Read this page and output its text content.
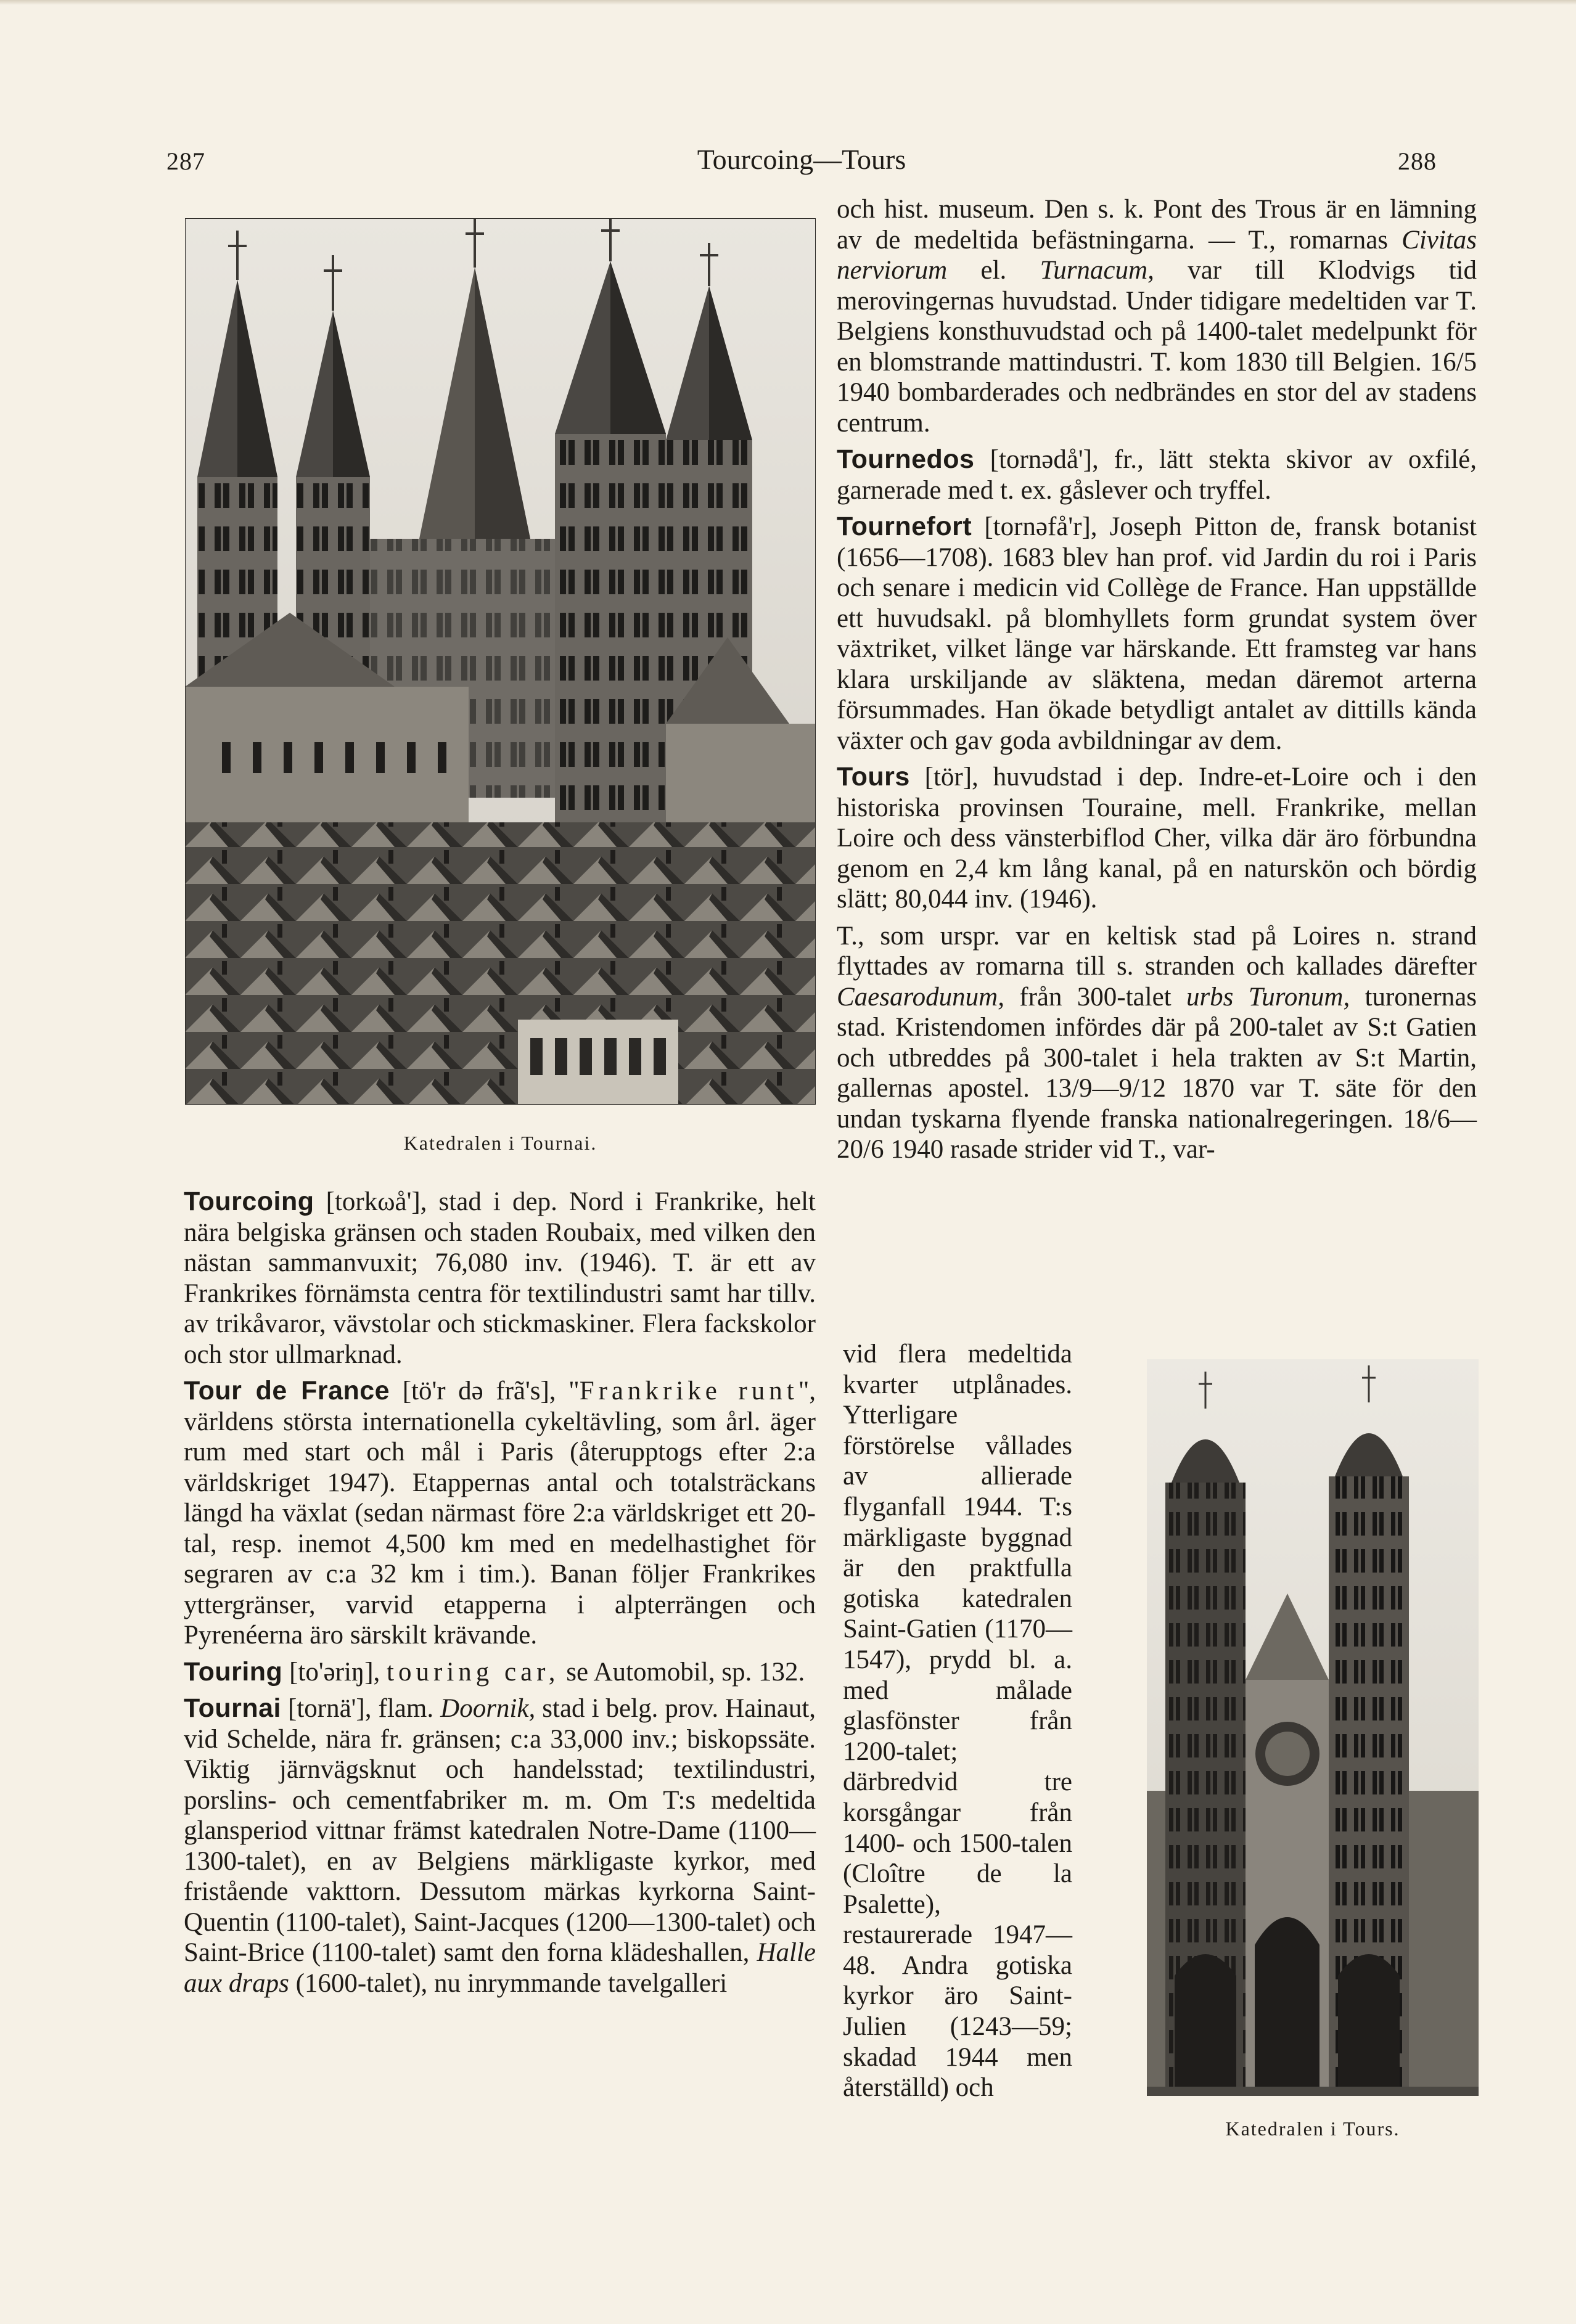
287	Tourcoing—Tours	288
Katedralen i Tournai.

och hist. museum. Den s. k. Pont des Trous är en lämning av de medeltida befästningarna. — T., romarnas Civitas nerviorum el. Turnacum, var till Klodvigs tid merovingernas huvudstad. Under tidigare medeltiden var T. Belgiens konsthuvudstad och på 1400-talet medelpunkt för en blomstrande mattindustri. T. kom 1830 till Belgien. 16/5 1940 bombarderades och nedbrändes en stor del av stadens centrum.

Tournedos [tornədå'], fr., lätt stekta skivor av oxfilé, garnerade med t. ex. gåslever och tryffel.

Tournefort [tornəfå'r], Joseph Pitton de, fransk botanist (1656—1708). 1683 blev han prof. vid Jardin du roi i Paris och senare i medicin vid Collège de France. Han uppställde ett huvudsakl. på blomhyllets form grundat system över växtriket, vilket länge var härskande. Ett framsteg var hans klara urskiljande av släktena, medan däremot arterna försummades. Han ökade betydligt antalet av dittills kända växter och gav goda avbildningar av dem.

Tours [tör], huvudstad i dep. Indre-et-Loire och i den historiska provinsen Touraine, mell. Frankrike, mellan Loire och dess vänsterbiflod Cher, vilka där äro förbundna genom en 2,4 km lång kanal, på en naturskön och bördig slätt; 80,044 inv. (1946).

T., som urspr. var en keltisk stad på Loires n. strand flyttades av romarna till s. stranden och kallades därefter Caesarodunum, från 300-talet urbs Turonum, turonernas stad. Kristendomen infördes där på 200-talet av S:t Gatien och utbreddes på 300-talet i hela trakten av S:t Martin, gallernas apostel. 13/9—9/12 1870 var T. säte för den undan tyskarna flyende franska nationalregeringen. 18/6—20/6 1940 rasade strider vid T., var-

vid flera medeltida kvarter utplånades. Ytterligare förstörelse vållades av allierade flyganfall 1944. T:s märkligaste byggnad är den praktfulla gotiska katedralen Saint-Gatien (1170—1547), prydd bl. a. med målade glasfönster från 1200-talet; därbredvid tre korsgångar från 1400- och 1500-talen (Cloître de la Psalette), restaurerade 1947—48. Andra gotiska kyrkor äro Saint-Julien (1243—59; skadad 1944 men återställd) och

Katedralen i Tours.

Tourcoing [torkωå'], stad i dep. Nord i Frankrike, helt nära belgiska gränsen och staden Roubaix, med vilken den nästan sammanvuxit; 76,080 inv. (1946). T. är ett av Frankrikes förnämsta centra för textilindustri samt har tillv. av trikåvaror, vävstolar och stickmaskiner. Flera fackskolor och stor ullmarknad.

Tour de France [tö'r də frã's], "Frankrike runt", världens största internationella cykeltävling, som årl. äger rum med start och mål i Paris (återupptogs efter 2:a världskriget 1947). Etappernas antal och totalsträckans längd ha växlat (sedan närmast före 2:a världskriget ett 20-tal, resp. inemot 4,500 km med en medelhastighet för segraren av c:a 32 km i tim.). Banan följer Frankrikes yttergränser, varvid etapperna i alpterrängen och Pyrenéerna äro särskilt krävande.

Touring [to'əriŋ], touring car, se Automobil, sp. 132.

Tournai [tornä'], flam. Doornik, stad i belg. prov. Hainaut, vid Schelde, nära fr. gränsen; c:a 33,000 inv.; biskopssäte. Viktig järnvägsknut och handelsstad; textilindustri, porslins- och cementfabriker m. m. Om T:s medeltida glansperiod vittnar främst katedralen Notre-Dame (1100—1300-talet), en av Belgiens märkligaste kyrkor, med fristående vakttorn. Dessutom märkas kyrkorna Saint-Quentin (1100-talet), Saint-Jacques (1200—1300-talet) och Saint-Brice (1100-talet) samt den forna klädeshallen, Halle aux draps (1600-talet), nu inrymmande tavelgalleri
